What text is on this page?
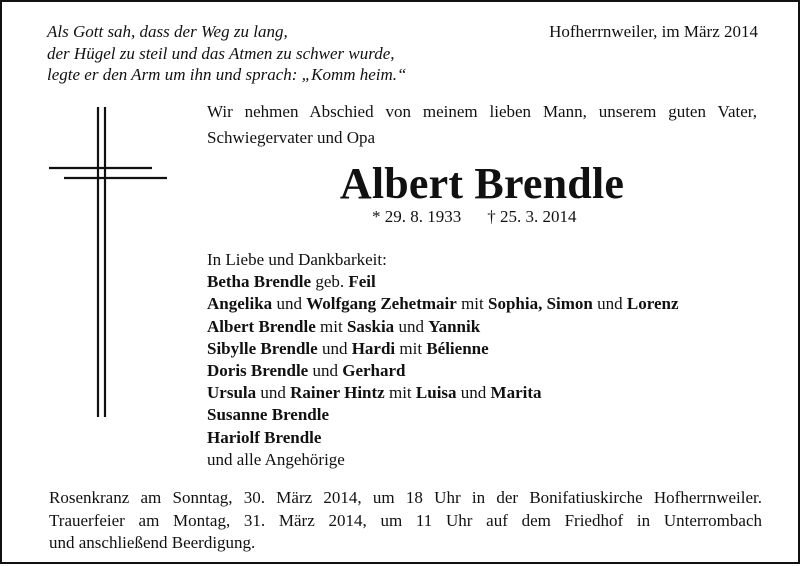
Als Gott sah, dass der Weg zu lang,
der Hügel zu steil und das Atmen zu schwer wurde,
legte er den Arm um ihn und sprach: „Komm heim.“
Hofherrnweiler, im März 2014
Wir nehmen Abschied von meinem lieben Mann, unserem guten Vater,
Schwiegervater und Opa
Albert Brendle
* 29. 8. 1933 † 25. 3. 2014
In Liebe und Dankbarkeit:
Betha Brendle geb. Feil
Angelika und Wolfgang Zehetmair mit Sophia, Simon und Lorenz
Albert Brendle mit Saskia und Yannik
Sibylle Brendle und Hardi mit Bélienne
Doris Brendle und Gerhard
Ursula und Rainer Hintz mit Luisa und Marita
Susanne Brendle
Hariolf Brendle
und alle Angehörige
Rosenkranz am Sonntag, 30. März 2014, um 18 Uhr in der Bonifatiuskirche Hofherrnweiler.
Trauerfeier am Montag, 31. März 2014, um 11 Uhr auf dem Friedhof in Unterrombach
und anschließend Beerdigung.
